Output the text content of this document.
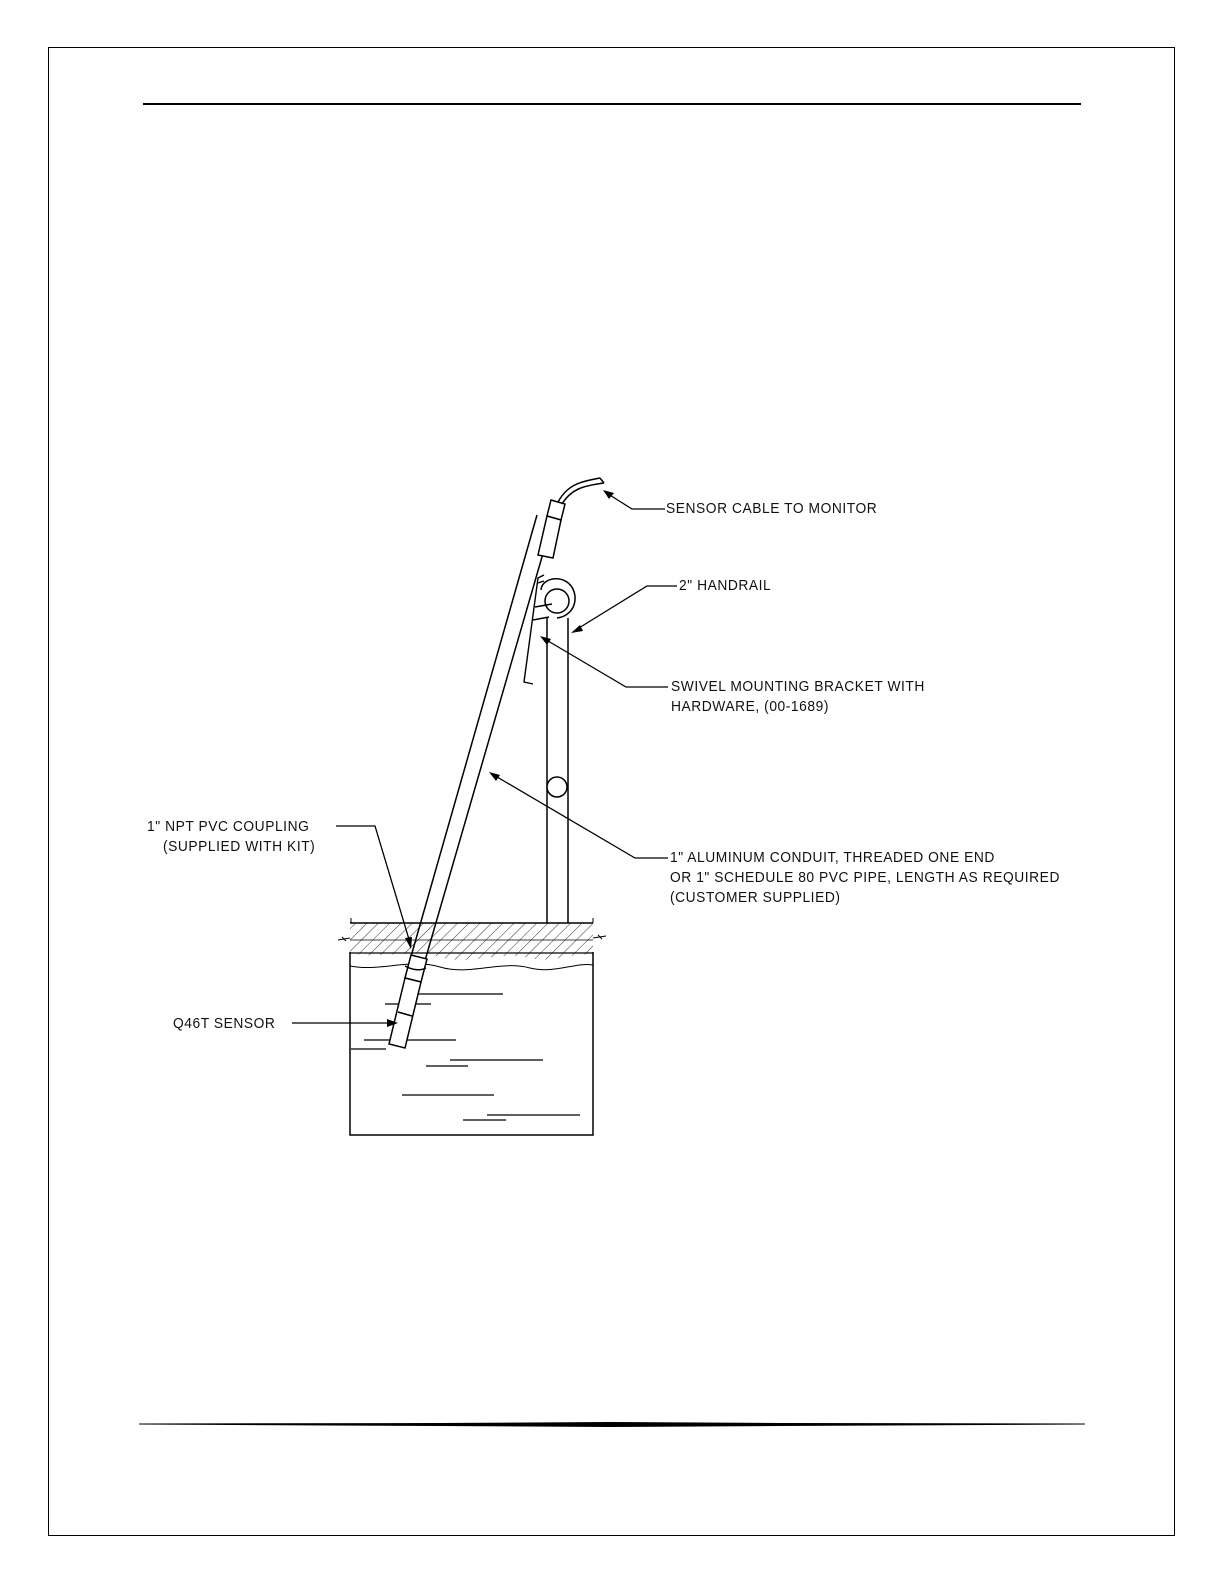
SENSOR CABLE TO MONITOR
2" HANDRAIL
SWIVEL MOUNTING BRACKET WITH
HARDWARE, (00-1689)
1" ALUMINUM CONDUIT, THREADED ONE END
OR 1" SCHEDULE 80 PVC PIPE, LENGTH AS REQUIRED
(CUSTOMER SUPPLIED)
1" NPT PVC COUPLING
(SUPPLIED WITH KIT)
Q46T SENSOR
